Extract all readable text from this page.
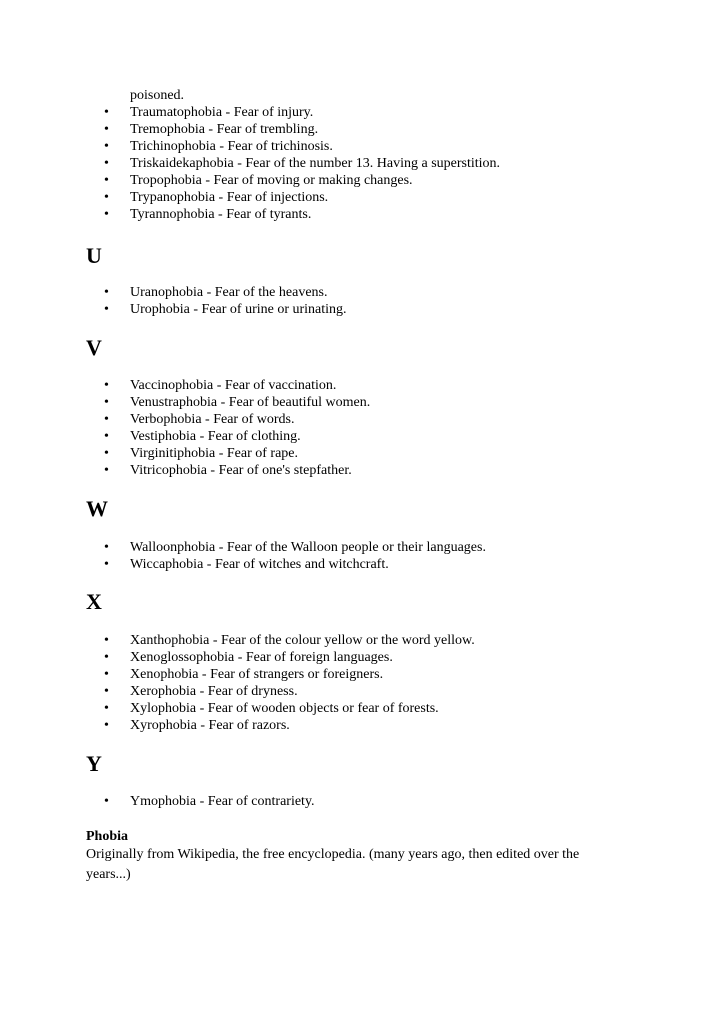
poisoned.

• Traumatophobia - Fear of injury.
• Tremophobia - Fear of trembling.
• Trichinophobia - Fear of trichinosis.
• Triskaidekaphobia - Fear of the number 13. Having a superstition.
• Tropophobia - Fear of moving or making changes.
• Trypanophobia - Fear of injections.
• Tyrannophobia - Fear of tyrants.
U
• Uranophobia - Fear of the heavens.
• Urophobia - Fear of urine or urinating.
V
• Vaccinophobia - Fear of vaccination.
• Venustraphobia - Fear of beautiful women.
• Verbophobia - Fear of words.
• Vestiphobia - Fear of clothing.
• Virginitiphobia - Fear of rape.
• Vitricophobia - Fear of one's stepfather.
W
• Walloonphobia - Fear of the Walloon people or their languages.
• Wiccaphobia - Fear of witches and witchcraft.
X
• Xanthophobia - Fear of the colour yellow or the word yellow.
• Xenoglossophobia - Fear of foreign languages.
• Xenophobia - Fear of strangers or foreigners.
• Xerophobia - Fear of dryness.
• Xylophobia - Fear of wooden objects or fear of forests.
• Xyrophobia - Fear of razors.
Y
• Ymophobia - Fear of contrariety.

Phobia

Originally from Wikipedia, the free encyclopedia. (many years ago, then edited over the years...)
